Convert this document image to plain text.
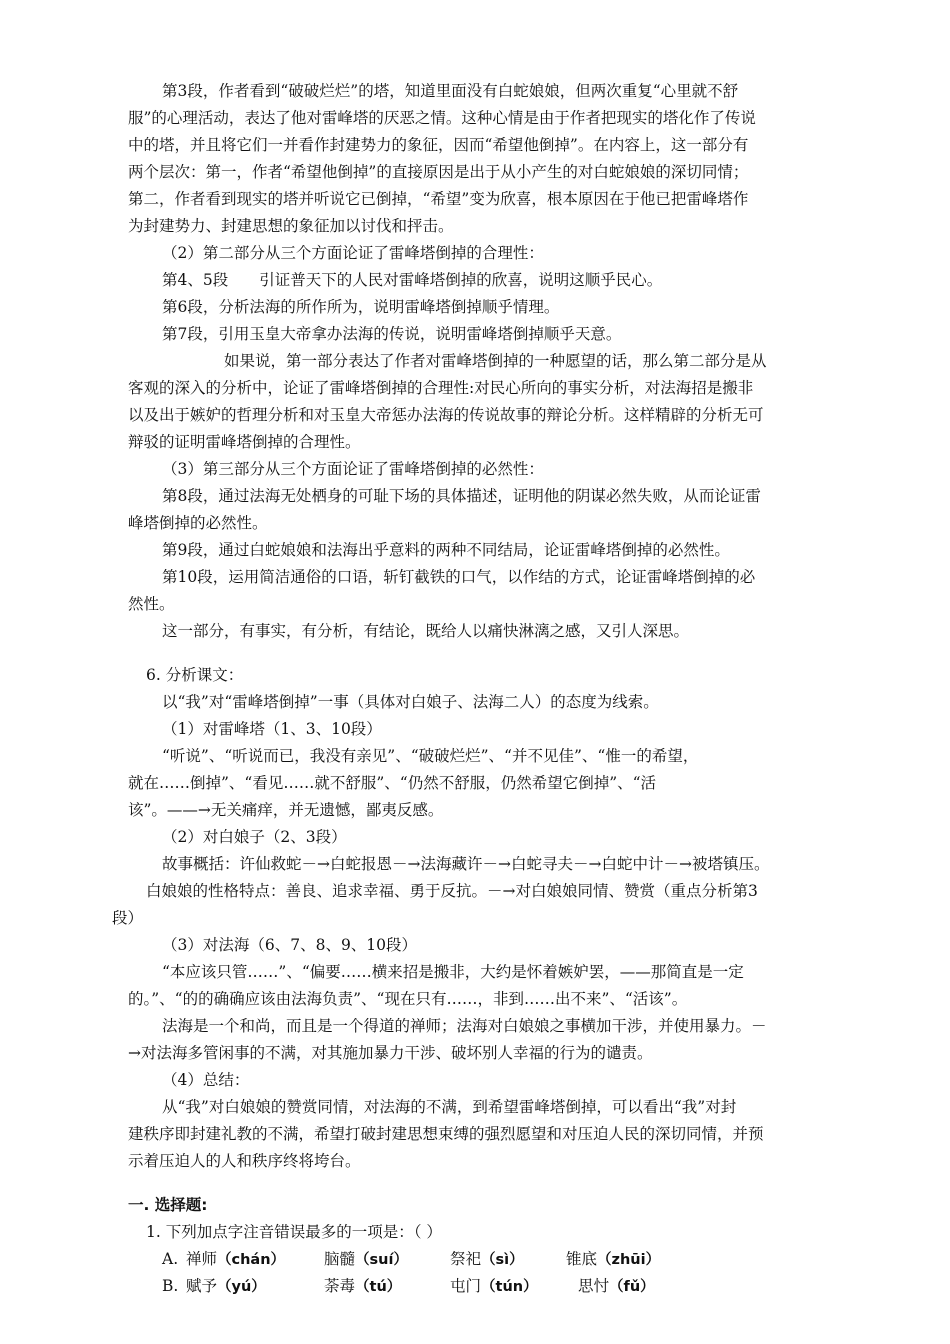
第3段，作者看到“破破烂烂”的塔，知道里面没有白蛇娘娘，但两次重复“心里就不舒

服”的心理活动，表达了他对雷峰塔的厌恶之情。这种心情是由于作者把现实的塔化作了传说

中的塔，并且将它们一并看作封建势力的象征，因而“希望他倒掉”。在内容上，这一部分有

两个层次：第一，作者“希望他倒掉”的直接原因是出于从小产生的对白蛇娘娘的深切同情；

第二，作者看到现实的塔并听说它已倒掉，“希望”变为欣喜，根本原因在于他已把雷峰塔作

为封建势力、封建思想的象征加以讨伐和抨击。

（2）第二部分从三个方面论证了雷峰塔倒掉的合理性：

第4、5段　　引证普天下的人民对雷峰塔倒掉的欣喜，说明这顺乎民心。

第6段，分析法海的所作所为，说明雷峰塔倒掉顺乎情理。

第7段，引用玉皇大帝拿办法海的传说，说明雷峰塔倒掉顺乎天意。

如果说，第一部分表达了作者对雷峰塔倒掉的一种愿望的话，那么第二部分是从

客观的深入的分析中，论证了雷峰塔倒掉的合理性:对民心所向的事实分析，对法海招是搬非

以及出于嫉妒的哲理分析和对玉皇大帝惩办法海的传说故事的辩论分析。这样精辟的分析无可

辩驳的证明雷峰塔倒掉的合理性。

（3）第三部分从三个方面论证了雷峰塔倒掉的必然性：

第8段，通过法海无处栖身的可耻下场的具体描述，证明他的阴谋必然失败，从而论证雷

峰塔倒掉的必然性。

第9段，通过白蛇娘娘和法海出乎意料的两种不同结局，论证雷峰塔倒掉的必然性。

第10段，运用简洁通俗的口语，斩钉截铁的口气，以作结的方式，论证雷峰塔倒掉的必

然性。

这一部分，有事实，有分析，有结论，既给人以痛快淋漓之感，又引人深思。

6. 分析课文：

以“我”对“雷峰塔倒掉”一事（具体对白娘子、法海二人）的态度为线索。

（1）对雷峰塔（1、3、10段）

“听说”、“听说而已，我没有亲见”、“破破烂烂”、“并不见佳”、“惟一的希望，

就在……倒掉”、“看见……就不舒服”、“仍然不舒服，仍然希望它倒掉”、“活

该”。——→无关痛痒，并无遗憾，鄙夷反感。

（2）对白娘子（2、3段）

故事概括：许仙救蛇－→白蛇报恩－→法海藏许－→白蛇寻夫－→白蛇中计－→被塔镇压。

白娘娘的性格特点：善良、追求幸福、勇于反抗。－→对白娘娘同情、赞赏（重点分析第3

段）

（3）对法海（6、7、8、9、10段）

“本应该只管……”、“偏要……横来招是搬非，大约是怀着嫉妒罢，——那简直是一定

的。”、“的的确确应该由法海负责”、“现在只有……，非到……出不来”、“活该”。

法海是一个和尚，而且是一个得道的禅师；法海对白娘娘之事横加干涉，并使用暴力。－

→对法海多管闲事的不满，对其施加暴力干涉、破坏别人幸福的行为的谴责。

（4）总结：

从“我”对白娘娘的赞赏同情，对法海的不满，到希望雷峰塔倒掉，可以看出“我”对封

建秩序即封建礼教的不满，希望打破封建思想束缚的强烈愿望和对压迫人民的深切同情，并预

示着压迫人的人和秩序终将垮台。

一. 选择题:

1. 下列加点字注音错误最多的一项是：（ ）

A. 禅师（chán）	脑髓（suí）	祭祀（sì）	锥底（zhūi）
B. 赋予（yú）	荼毒（tú）	屯门（tún）	思忖（fǔ）
